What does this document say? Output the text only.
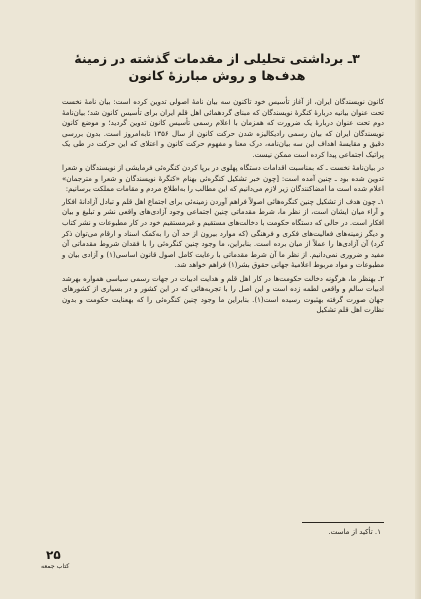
۳ـ برداشتی تحلیلی از مقدمات گذشته در زمینهٔ هدف‌ها و روش مبارزهٔ کانون

کانون نویسندگان ایران، از آغاز تأسیس خود تاکنون سه بیان نامهٔ اصولی تدوین کرده است: بیان نامهٔ نخست تحت عنوان بیانیه دربارهٔ کنگرهٔ نویسندگان که مبنای گردهمائی اهل قلم ایران برای تأسیس کانون شد؛ بیان‌نامهٔ دوم تحت عنوان دربارهٔ یک ضرورت که همزمان با اعلام رسمی تأسیس کانون تدوین گردید؛ و موضع کانون نویسندگان ایران که بیان رسمی رادیکالیزه شدن حرکت کانون از سال ۱۳۵۶ تابه‌امروز است. بدون بررسی دقیق و مقایسهٔ اهداف این سه بیان‌نامه، درک معنا و مفهوم حرکت کانون و اعتلای که این حرکت در طی یک پراتیک اجتماعی پیدا کرده است ممکن نیست.

در بیان‌نامهٔ نخست ـ که بمناسبت اقدامات دستگاه پهلوی در برپا کردن کنگره‌ئی فرمایشی از نویسندگان و شعرا تدوین شده بود ـ چنین آمده است: [چون خبر تشکیل کنگره‌ئی بهنام «کنگرهٔ نویسندگان و شعرا و مترجمان» اعلام شده است ما امضاکنندگان زیر لازم می‌دانیم که این مطالب را به‌اطلاع مردم و مقامات مملکت برسانیم:

۱ـ چون هدف از تشکیل چنین کنگره‌هائی اصولاً فراهم آوردن زمینه‌ئی برای اجتماع اهل قلم و تبادل آزادانهٔ افکار و آراء میان ایشان است، از نظر ما، شرط مقدماتی چنین اجتماعی وجود آزادی‌های واقعی نشر و تبلیغ و بیان افکار است. در حالی که دستگاه حکومت با دخالت‌های مستقیم و غیرمستقیم خود در کار مطبوعات و نشر کتاب و دیگر زمینه‌های فعالیت‌های فکری و فرهنگی (که موارد بیرون از حد آن را به‌کمک اسناد و ارقام می‌توان ذکر کرد) آن آزادی‌ها را عملاً از میان برده است. بنابراین، ما وجود چنین کنگره‌ئی را با فقدان شروط مقدماتی آن مفید و ضروری نمی‌دانیم. از نظر ما آن شرط مقدماتی با رعایت کامل اصول قانون اساسی(۱) و آزادی بیان و مطبوعات و مواد مربوط اعلامیهٔ جهانی حقوق بشر(۱) فراهم خواهد شد.

۲ـ بهنظر ما، هرگونه دخالت حکومت‌ها در کار اهل قلم و هدایت ادبیات در جهات رسمی سیاسی همواره بهرشد ادبیات سالم و واقعی لطمه زده است و این اصل را با تجربه‌هائی که در این کشور و در بسیاری از کشورهای جهان صورت گرفته بهثبوت رسیده است(۱). بنابراین ما وجود چنین کنگره‌ئی را که بهعنایت حکومت و بدون نظارت اهل قلم تشکیل

۱. تأکید از ماست.
۲۵
کتاب جمعه
